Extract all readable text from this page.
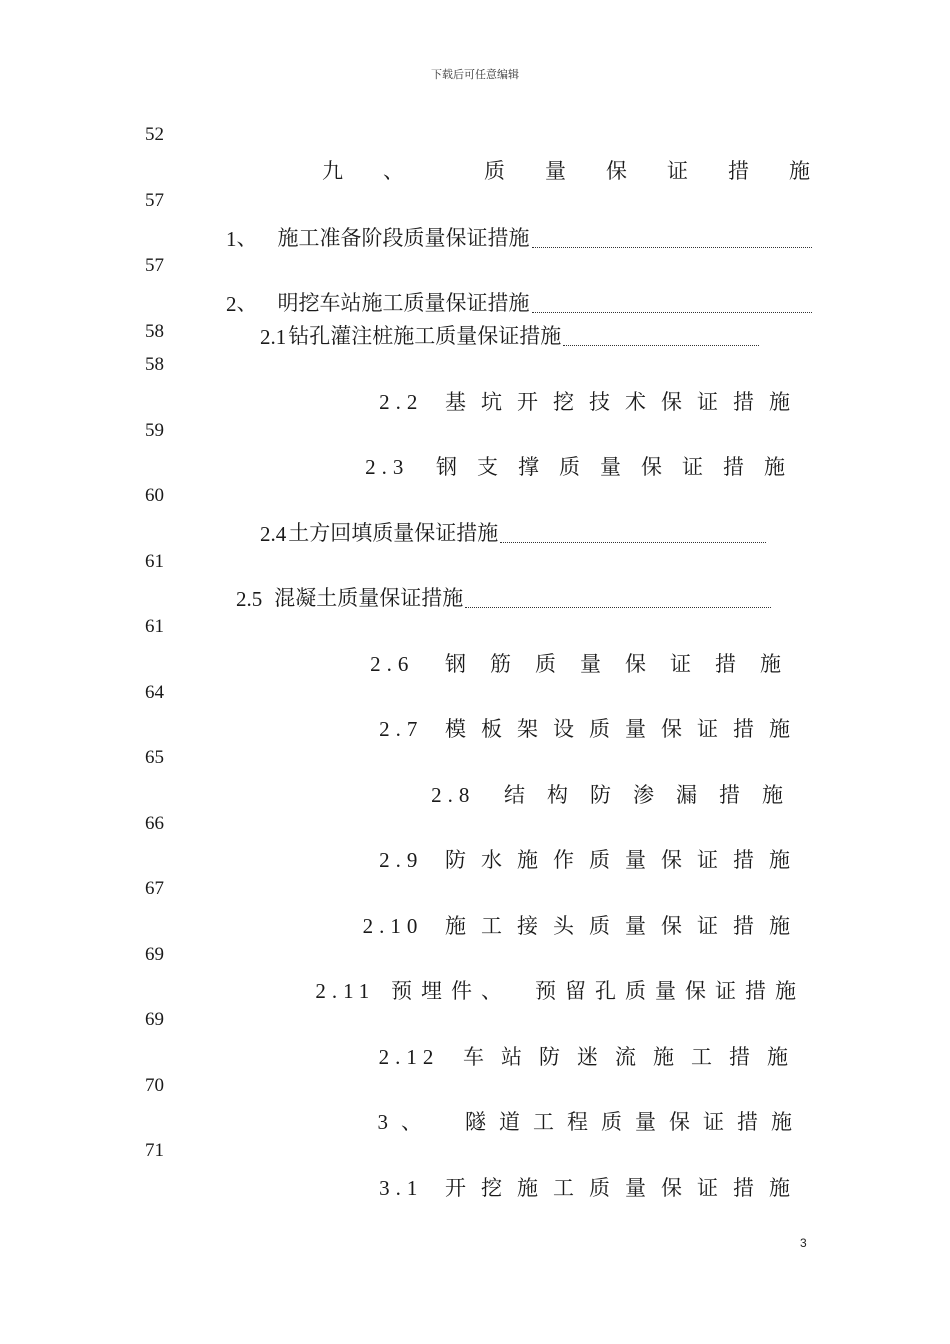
下载后可任意编辑
52
57
57
58
58
59
60
61
61
64
65
66
67
69
69
70
71
九、 质量保证措施
1 、 施工准备阶段质量保证措施
2 、 明挖车站施工质量保证措施
2.1 钻孔灌注桩施工质量保证措施
2.2 基坑开挖技术保证措施
2.3 钢支撑质量保证措施
2.4 土方回填质量保证措施
2.5 混凝土质量保证措施
2.6 钢筋质量保证措施
2.7 模板架设质量保证措施
2.8 结构防渗漏措施
2.9 防水施作质量保证措施
2.10 施工接头质量保证措施
2.11 预埋件、 预留孔质量保证措施
2.12 车站防迷流施工措施
3、 隧道工程质量保证措施
3.1 开挖施工质量保证措施
3
